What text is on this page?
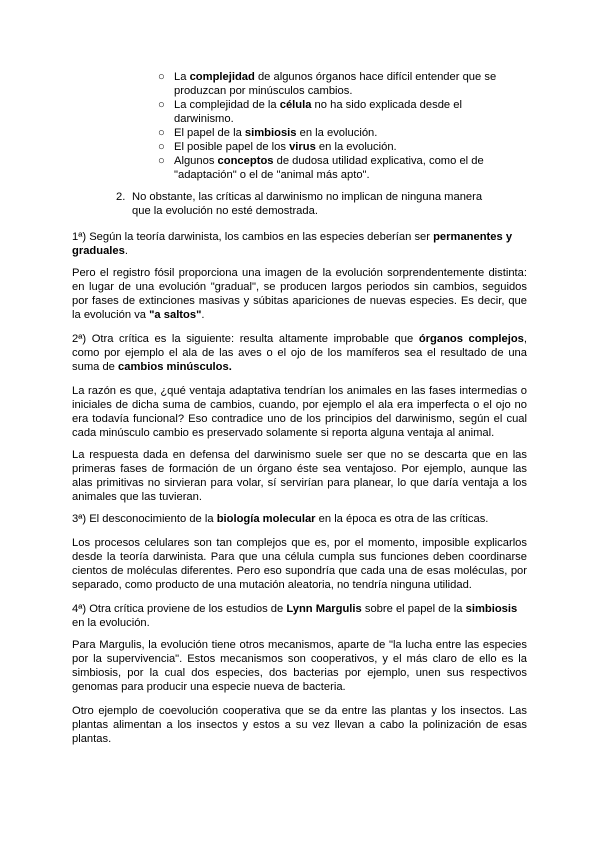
○ La complejidad de algunos órganos hace difícil entender que se produzcan por minúsculos cambios.
○ La complejidad de la célula no ha sido explicada desde el darwinismo.
○ El papel de la simbiosis en la evolución.
○ El posible papel de los virus en la evolución.
○ Algunos conceptos de dudosa utilidad explicativa, como el de "adaptación" o el de "animal más apto".
2. No obstante, las críticas al darwinismo no implican de ninguna manera que la evolución no esté demostrada.

1ª) Según la teoría darwinista, los cambios en las especies deberían ser permanentes y graduales.

Pero el registro fósil proporciona una imagen de la evolución sorprendentemente distinta: en lugar de una evolución "gradual", se producen largos periodos sin cambios, seguidos por fases de extinciones masivas y súbitas apariciones de nuevas especies. Es decir, que la evolución va "a saltos".

2ª) Otra crítica es la siguiente: resulta altamente improbable que órganos complejos, como por ejemplo el ala de las aves o el ojo de los mamíferos sea el resultado de una suma de cambios minúsculos.

La razón es que, ¿qué ventaja adaptativa tendrían los animales en las fases intermedias o iniciales de dicha suma de cambios, cuando, por ejemplo el ala era imperfecta o el ojo no era todavía funcional? Eso contradice uno de los principios del darwinismo, según el cual cada minúsculo cambio es preservado solamente si reporta alguna ventaja al animal.

La respuesta dada en defensa del darwinismo suele ser que no se descarta que en las primeras fases de formación de un órgano éste sea ventajoso. Por ejemplo, aunque las alas primitivas no sirvieran para volar, sí servirían para planear, lo que daría ventaja a los animales que las tuvieran.

3ª) El desconocimiento de la biología molecular en la época es otra de las críticas.

Los procesos celulares son tan complejos que es, por el momento, imposible explicarlos desde la teoría darwinista. Para que una célula cumpla sus funciones deben coordinarse cientos de moléculas diferentes. Pero eso supondría que cada una de esas moléculas, por separado, como producto de una mutación aleatoria, no tendría ninguna utilidad.

4ª) Otra crítica proviene de los estudios de Lynn Margulis sobre el papel de la simbiosis en la evolución.

Para Margulis, la evolución tiene otros mecanismos, aparte de "la lucha entre las especies por la supervivencia". Estos mecanismos son cooperativos, y el más claro de ello es la simbiosis, por la cual dos especies, dos bacterias por ejemplo, unen sus respectivos genomas para producir una especie nueva de bacteria.

Otro ejemplo de coevolución cooperativa que se da entre las plantas y los insectos. Las plantas alimentan a los insectos y estos a su vez llevan a cabo la polinización de esas plantas.
